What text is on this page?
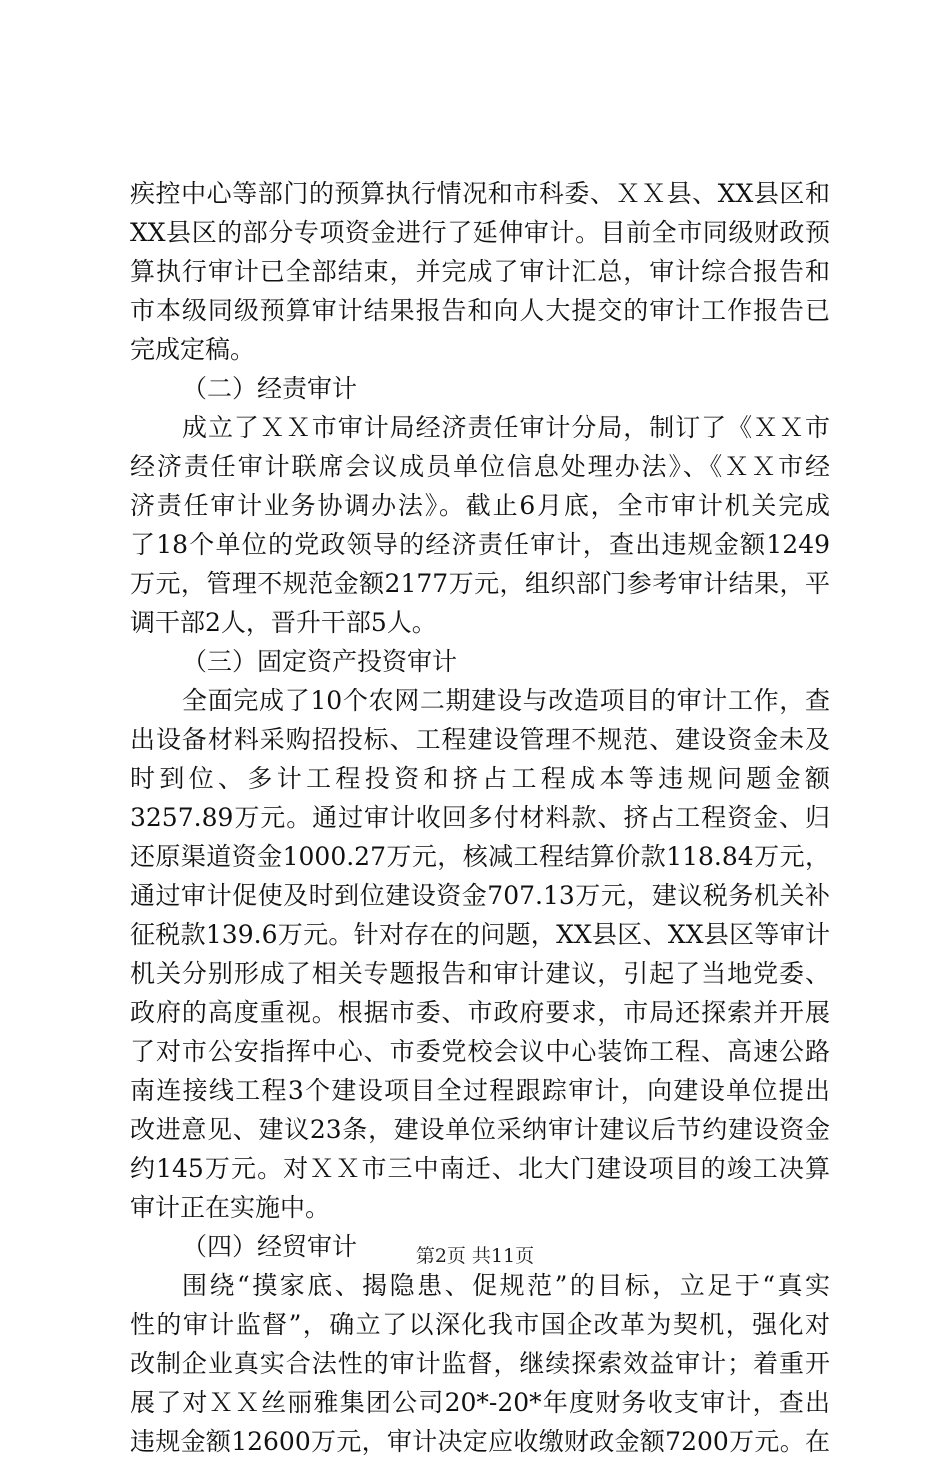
疾控中心等部门的预算执行情况和市科委、ＸＸ县、XX县区和
XX县区的部分专项资金进行了延伸审计。目前全市同级财政预
算执行审计已全部结束，并完成了审计汇总，审计综合报告和
市本级同级预算审计结果报告和向人大提交的审计工作报告已
完成定稿。
（二）经责审计
成立了ＸＸ市审计局经济责任审计分局，制订了《ＸＸ市
经济责任审计联席会议成员单位信息处理办法》、《ＸＸ市经
济责任审计业务协调办法》。截止6月底，全市审计机关完成
了18个单位的党政领导的经济责任审计，查出违规金额1249
万元，管理不规范金额2177万元，组织部门参考审计结果，平
调干部2人，晋升干部5人。
（三）固定资产投资审计
全面完成了10个农网二期建设与改造项目的审计工作，查
出设备材料采购招投标、工程建设管理不规范、建设资金未及
时到位、多计工程投资和挤占工程成本等违规问题金额
3257.89万元。通过审计收回多付材料款、挤占工程资金、归
还原渠道资金1000.27万元，核减工程结算价款118.84万元，
通过审计促使及时到位建设资金707.13万元，建议税务机关补
征税款139.6万元。针对存在的问题，XX县区、XX县区等审计
机关分别形成了相关专题报告和审计建议，引起了当地党委、
政府的高度重视。根据市委、市政府要求，市局还探索并开展
了对市公安指挥中心、市委党校会议中心装饰工程、高速公路
南连接线工程3个建设项目全过程跟踪审计，向建设单位提出
改进意见、建议23条，建设单位采纳审计建议后节约建设资金
约145万元。对ＸＸ市三中南迁、北大门建设项目的竣工决算
审计正在实施中。
（四）经贸审计
围绕“摸家底、揭隐患、促规范”的目标，立足于“真实
性的审计监督”，确立了以深化我市国企改革为契机，强化对
改制企业真实合法性的审计监督，继续探索效益审计；着重开
展了对ＸＸ丝丽雅集团公司20*-20*年度财务收支审计，查出
违规金额12600万元，审计决定应收缴财政金额7200万元。在
第2页 共11页
